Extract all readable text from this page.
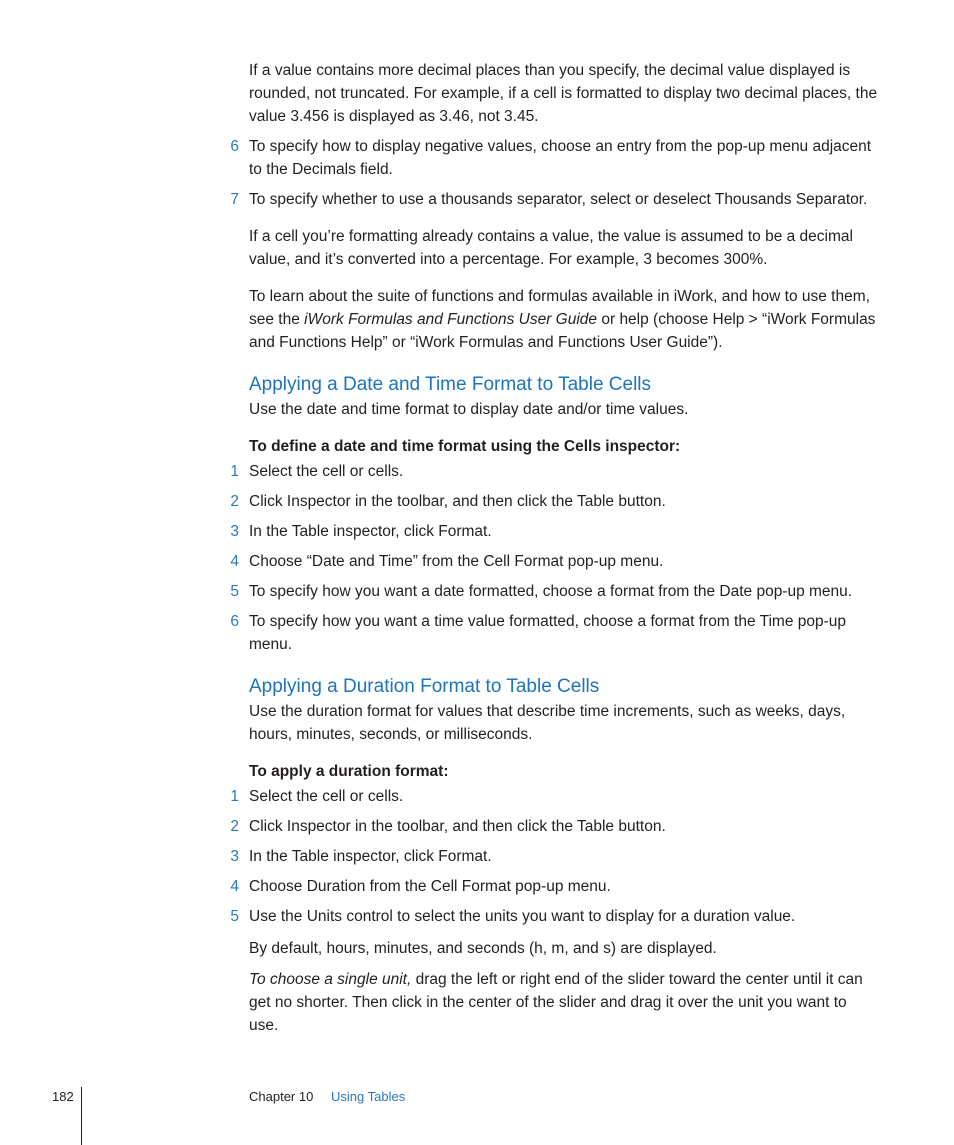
If a value contains more decimal places than you specify, the decimal value displayed is rounded, not truncated. For example, if a cell is formatted to display two decimal places, the value 3.456 is displayed as 3.46, not 3.45.

6 To specify how to display negative values, choose an entry from the pop-up menu adjacent to the Decimals field.
7 To specify whether to use a thousands separator, select or deselect Thousands Separator.

If a cell you’re formatting already contains a value, the value is assumed to be a decimal value, and it’s converted into a percentage. For example, 3 becomes 300%.

To learn about the suite of functions and formulas available in iWork, and how to use them, see the iWork Formulas and Functions User Guide or help (choose Help > “iWork Formulas and Functions Help” or “iWork Formulas and Functions User Guide”).

Applying a Date and Time Format to Table Cells

Use the date and time format to display date and/or time values.

To define a date and time format using the Cells inspector:
1 Select the cell or cells.
2 Click Inspector in the toolbar, and then click the Table button.
3 In the Table inspector, click Format.
4 Choose “Date and Time” from the Cell Format pop-up menu.
5 To specify how you want a date formatted, choose a format from the Date pop-up menu.
6 To specify how you want a time value formatted, choose a format from the Time pop-up menu.
Applying a Duration Format to Table Cells

Use the duration format for values that describe time increments, such as weeks, days, hours, minutes, seconds, or milliseconds.

To apply a duration format:
1 Select the cell or cells.
2 Click Inspector in the toolbar, and then click the Table button.
3 In the Table inspector, click Format.
4 Choose Duration from the Cell Format pop-up menu.
5 Use the Units control to select the units you want to display for a duration value.

By default, hours, minutes, and seconds (h, m, and s) are displayed.

To choose a single unit, drag the left or right end of the slider toward the center until it can get no shorter. Then click in the center of the slider and drag it over the unit you want to use.

182	Chapter 10 Using Tables
